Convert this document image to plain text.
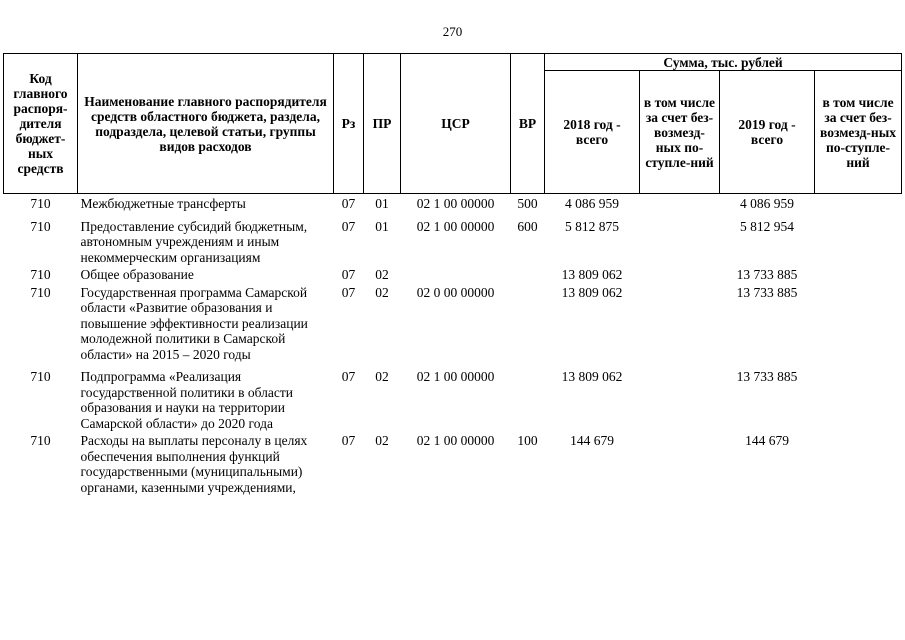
270
Код главного распоря-дителя бюджет-ных средств	Наименование главного распорядителя средств областного бюджета, раздела, подраздела, целевой статьи, группы видов расходов	Рз	ПР	ЦСР	ВР	Сумма, тыс. рублей			
						2018 год - всего	в том числе за счет без-возмезд-ных по-ступле-ний	2019 год - всего	в том числе за счет без-возмезд-ных по-ступле-ний
710	Межбюджетные трансферты	07	01	02 1 00 00000	500	4 086 959		4 086 959	
710	Предоставление субсидий бюджетным, автономным учреждениям и иным некоммерческим организациям	07	01	02 1 00 00000	600	5 812 875		5 812 954	
710	Общее образование	07	02			13 809 062		13 733 885	
710	Государственная программа Самарской области «Развитие образования и повышение эффективности реализации молодежной политики в Самарской области» на 2015 – 2020 годы	07	02	02 0 00 00000		13 809 062		13 733 885	
710	Подпрограмма «Реализация государственной политики в области образования и науки на территории Самарской области» до 2020 года	07	02	02 1 00 00000		13 809 062		13 733 885	
710	Расходы на выплаты персоналу в целях обеспечения выполнения функций государственными (муниципальными) органами, казенными учреждениями,	07	02	02 1 00 00000	100	144 679		144 679	
